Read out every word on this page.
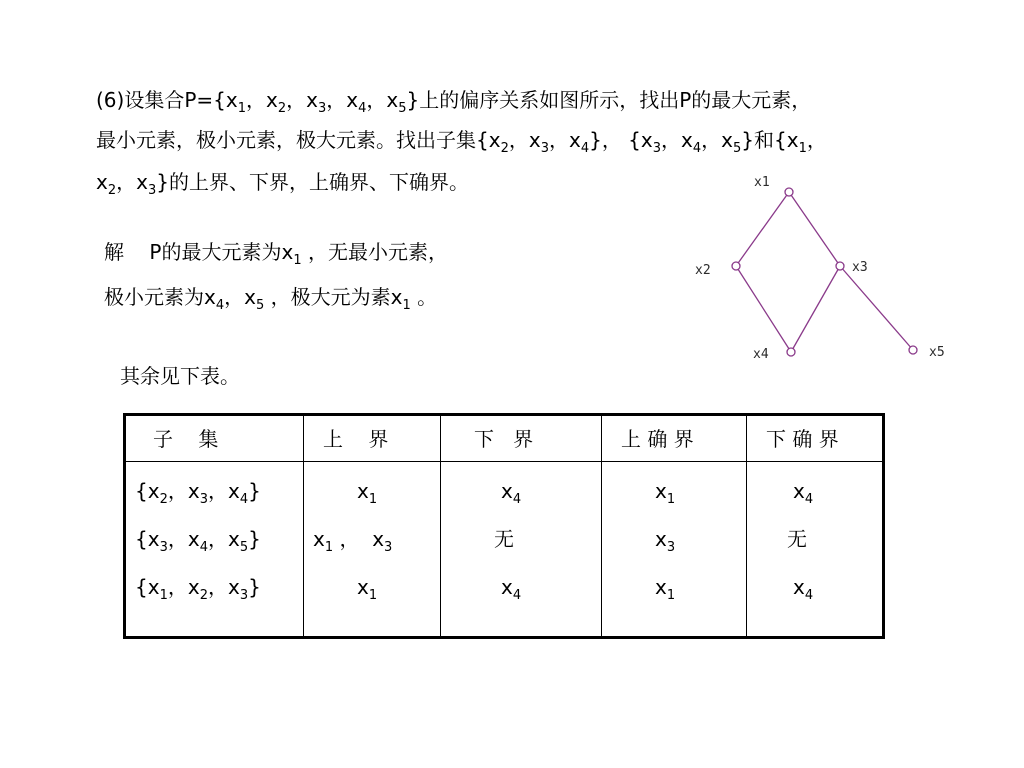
(6)设集合$P=\{x_1$，$x_2$，$x_3$，$x_4$，$x_5$}上的偏序关系如图所示，找出P的最大元素，
最小元素，极小元素，极大元素。找出子集{$x_2$，$x_3$，$x_4$}， {$x_3$，$x_4$，$x_5$}和{$x_1$，
$x_2$，$x_3$}的上界、下界，上确界、下确界。
解    P的最大元素为$x_1$ ，无最小元素，
极小元素为$x_4$，$x_5$ ，极大元为素$x_1$ 。
其余见下表。
x1
x2	x3
x4	x5
子    集	上    界	下   界	上 确 界	下 确 界
{$x_2$，$x_3$，$x_4$}	$x_1$	$x_4$	$x_1$	$x_4$
{$x_3$，$x_4$，$x_5$}	$x_1$ ，  $x_3$	无	$x_3$	无
{$x_1$，$x_2$，$x_3$}	$x_1$	$x_4$	$x_1$	$x_4$
